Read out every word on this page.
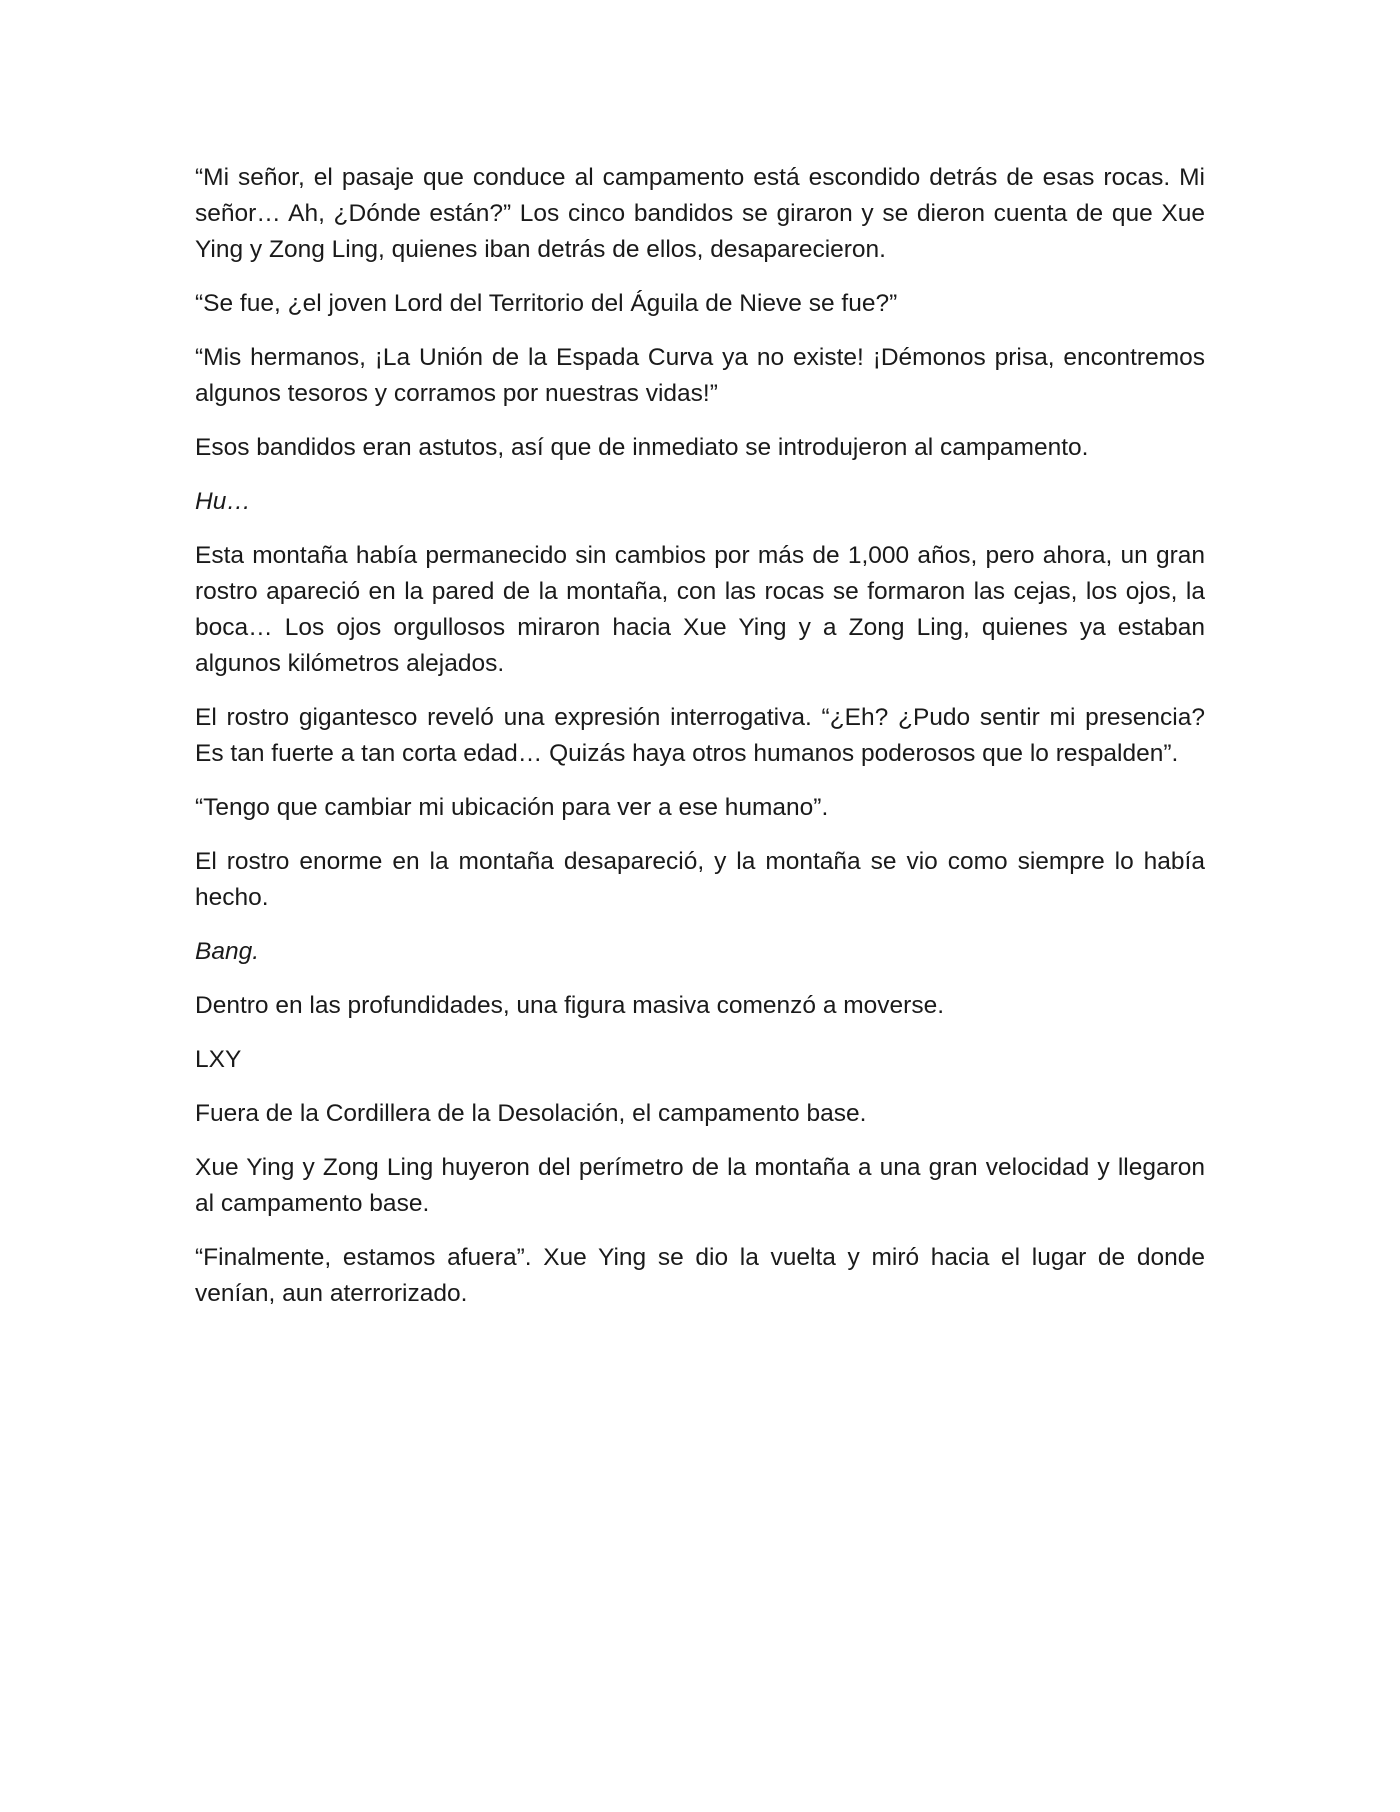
“Mi señor, el pasaje que conduce al campamento está escondido detrás de esas rocas. Mi señor… Ah, ¿Dónde están?” Los cinco bandidos se giraron y se dieron cuenta de que Xue Ying y Zong Ling, quienes iban detrás de ellos, desaparecieron.

“Se fue, ¿el joven Lord del Territorio del Águila de Nieve se fue?”

“Mis hermanos, ¡La Unión de la Espada Curva ya no existe! ¡Démonos prisa, encontremos algunos tesoros y corramos por nuestras vidas!”

Esos bandidos eran astutos, así que de inmediato se introdujeron al campamento.

Hu…

Esta montaña había permanecido sin cambios por más de 1,000 años, pero ahora, un gran rostro apareció en la pared de la montaña, con las rocas se formaron las cejas, los ojos, la boca… Los ojos orgullosos miraron hacia Xue Ying y a Zong Ling, quienes ya estaban algunos kilómetros alejados.

El rostro gigantesco reveló una expresión interrogativa. “¿Eh? ¿Pudo sentir mi presencia? Es tan fuerte a tan corta edad… Quizás haya otros humanos poderosos que lo respalden”.

“Tengo que cambiar mi ubicación para ver a ese humano”.

El rostro enorme en la montaña desapareció, y la montaña se vio como siempre lo había hecho.

Bang.

Dentro en las profundidades, una figura masiva comenzó a moverse.

LXY

Fuera de la Cordillera de la Desolación, el campamento base.

Xue Ying y Zong Ling huyeron del perímetro de la montaña a una gran velocidad y llegaron al campamento base.

“Finalmente, estamos afuera”. Xue Ying se dio la vuelta y miró hacia el lugar de donde venían, aun aterrorizado.
